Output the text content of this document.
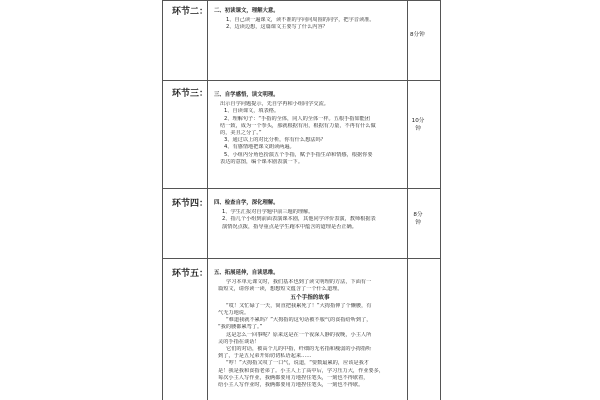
环节二： 二、初读课文，理解大意。
1、自己读一遍课文，读不准的字问问周围的同学，把字音读准。
2、边读边想，这篇课文主要写了什么内容？
8分钟
环节三： 三、自学感悟，读文明理。
出示自学问题提示，先自学再和小组同学交流。
1、自读课文，填表格。
2、理解句子：“手指的全体，同人的全体一样。五根手指如能团
结一致，成为一个拳头，那就根据有用，根据有力量，不再有什么做
的，美且之分了。”
3、通过以上的对比分析，你有什么想法吗？
4、有感情地把课文朗读两遍。
5、小组内分角色扮演五个手指，赋予手指生命和情感，根据你要
表达的意图，编个课本剧表演一下。
10分钟
环节四： 四、检查自学，深化理解。
1、学生汇报对自学题中前三题的理解。
2、指几个小组到前面表演课本剧，其他同学评价表演，教师根据表
演情况点拨，指导重点是学生跑本中蕴含的道理是否正确。
8分钟
环节五： 五、拓展延伸，自读思维。
学习本单元课文时，我们基本也到了读文明理的方法，下面有一
篇短文，请你读一读，想想短文蕴含了一个什么道理。
五个手指的故事
“哎！又忙碌了一天，简直把我累死了！”大拇指伸了个懒腰，有
气无力地说。
“难道我就不累吗？”大拇指的这句话被不服气的食指给听到了，
“我的腰都累弯了。”
这是怎么一回事呢？原来这是在一个夜深人静的夜晚，小主人所
灵的手指在谈话！
它们的对话，被高个儿的中指，纤细的无名指和瘦弱的小拇指听
到了，于是五兄弟开始切切私语起来……
“哼！”大拇指又叹了一口气，说道，“要数最累的，应该是我才
是！我是我和食指老弟了。小主人上了高中后，学习压力大，作业要多，
每次小主人写作业，我俩都要用力地捏住笔头，一刻也不得歇着，
给小主人写作业时，我俩都要用力地捏住笔头，一刻也不得歇。
